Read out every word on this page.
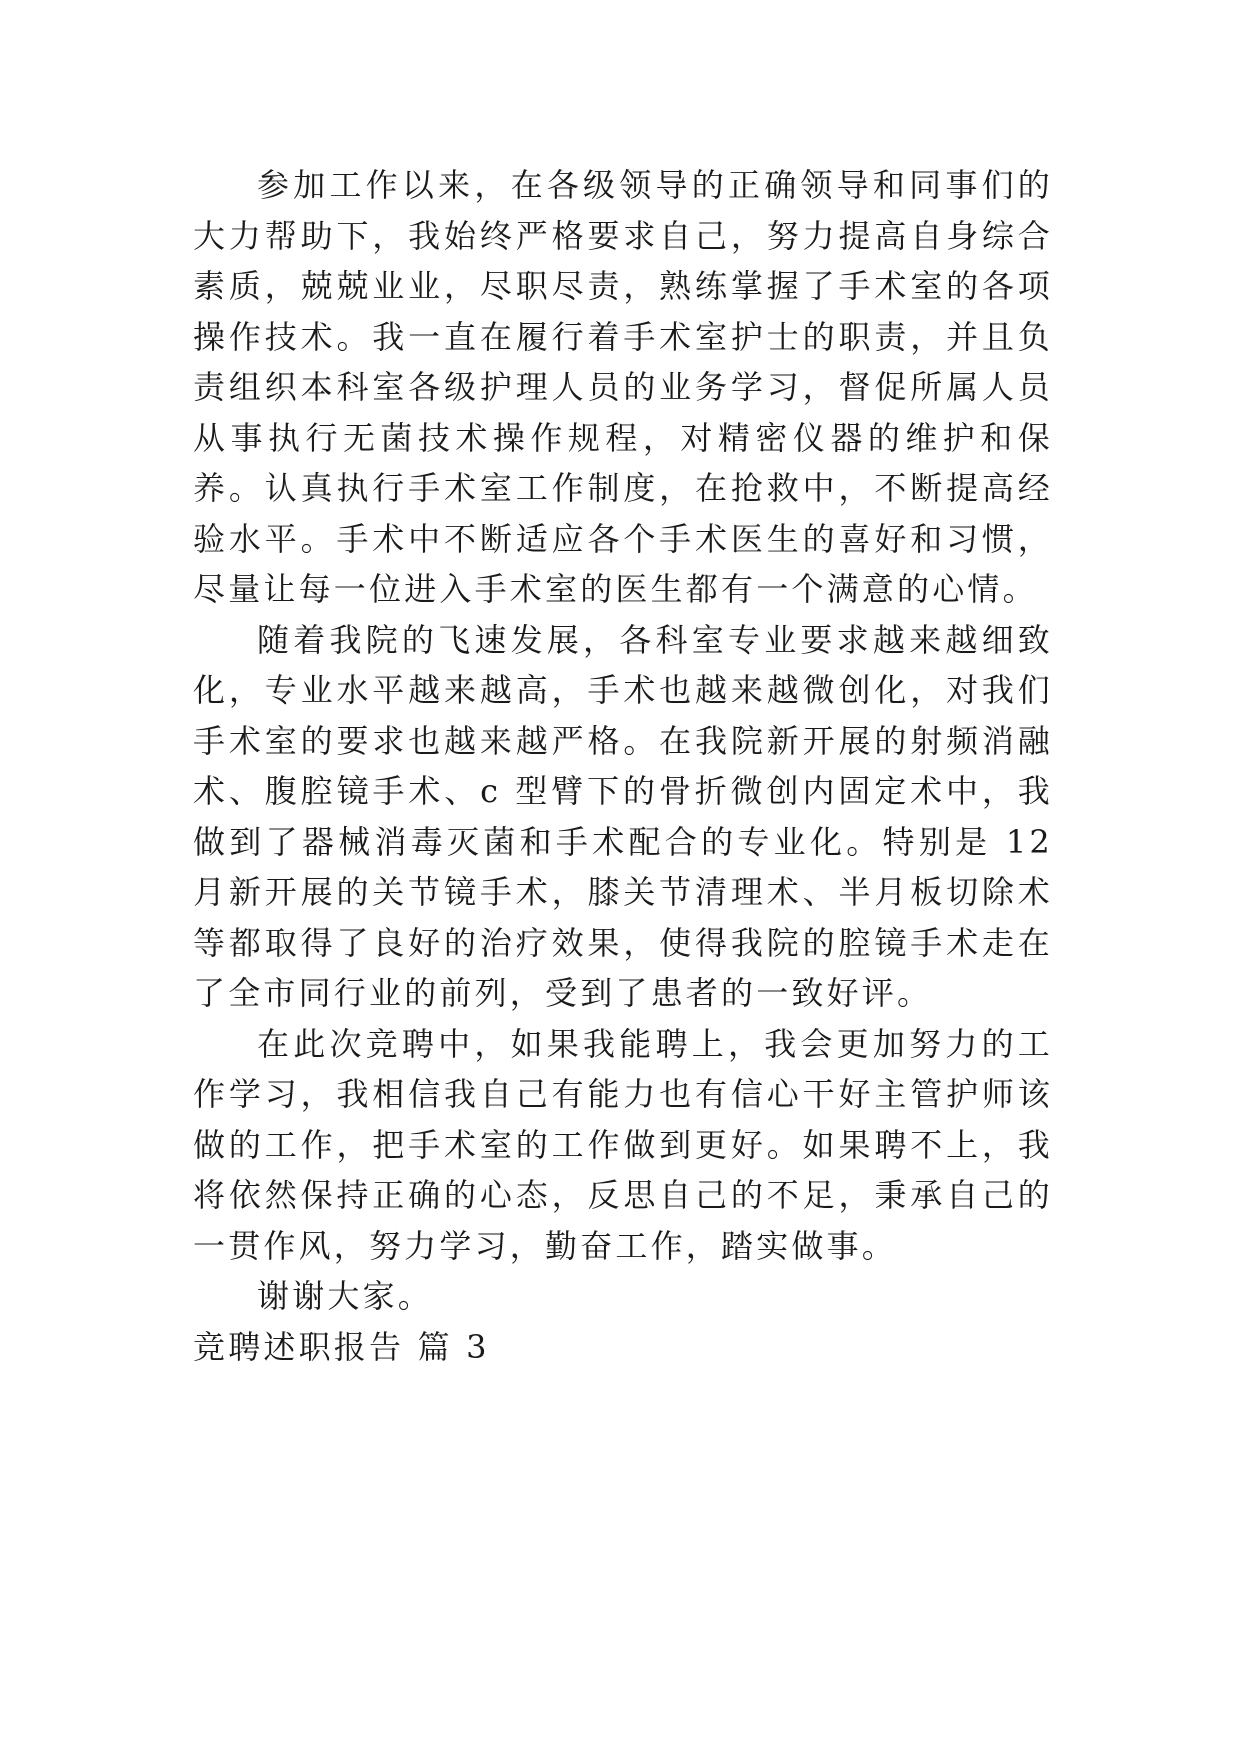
参加工作以来，在各级领导的正确领导和同事们的大力帮助下，我始终严格要求自己，努力提高自身综合素质，兢兢业业，尽职尽责，熟练掌握了手术室的各项操作技术。我一直在履行着手术室护士的职责，并且负责组织本科室各级护理人员的业务学习，督促所属人员从事执行无菌技术操作规程，对精密仪器的维护和保养。认真执行手术室工作制度，在抢救中，不断提高经验水平。手术中不断适应各个手术医生的喜好和习惯，尽量让每一位进入手术室的医生都有一个满意的心情。

随着我院的飞速发展，各科室专业要求越来越细致化，专业水平越来越高，手术也越来越微创化，对我们手术室的要求也越来越严格。在我院新开展的射频消融术、腹腔镜手术、c 型臂下的骨折微创内固定术中，我做到了器械消毒灭菌和手术配合的专业化。特别是 12 月新开展的关节镜手术，膝关节清理术、半月板切除术等都取得了良好的治疗效果，使得我院的腔镜手术走在了全市同行业的前列，受到了患者的一致好评。

在此次竞聘中，如果我能聘上，我会更加努力的工作学习，我相信我自己有能力也有信心干好主管护师该做的工作，把手术室的工作做到更好。如果聘不上，我将依然保持正确的心态，反思自己的不足，秉承自己的一贯作风，努力学习，勤奋工作，踏实做事。

谢谢大家。

竞聘述职报告 篇 3
